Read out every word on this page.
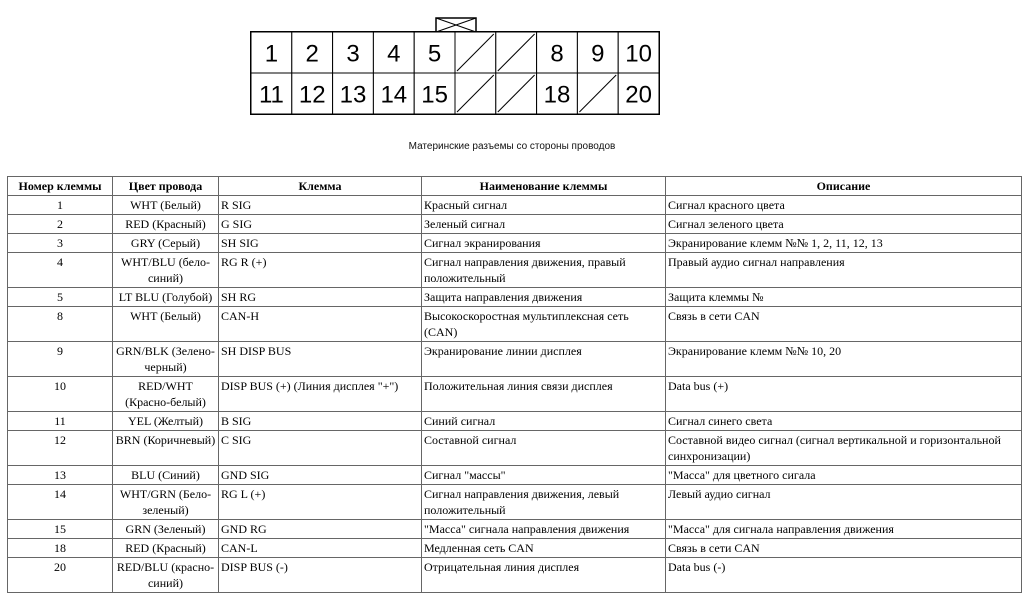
1 2 3 4 5	8 9 10
11 12 13 14 15	18 20
Материнские разъемы со стороны проводов
Номер клеммы	Цвет провода	Клемма	Наименование клеммы	Описание
1	WHT (Белый)	R SIG	Красный сигнал	Сигнал красного цвета
2	RED (Красный)	G SIG	Зеленый сигнал	Сигнал зеленого цвета
3	GRY (Серый)	SH SIG	Сигнал экранирования	Экранирование клемм №№ 1, 2, 11, 12, 13
4	WHT/BLU (бело-синий)	RG R (+)	Сигнал направления движения, правый положительный	Правый аудио сигнал направления
5	LT BLU (Голубой)	SH RG	Защита направления движения	Защита клеммы №
8	WHT (Белый)	CAN-H	Высокоскоростная мультиплексная сеть (CAN)	Связь в сети CAN
9	GRN/BLK (Зелено-черный)	SH DISP BUS	Экранирование линии дисплея	Экранирование клемм №№ 10, 20
10	RED/WHT (Красно-белый)	DISP BUS (+) (Линия дисплея "+")	Положительная линия связи дисплея	Data bus (+)
11	YEL (Желтый)	B SIG	Синий сигнал	Сигнал синего света
12	BRN (Коричневый)	C SIG	Составной сигнал	Составной видео сигнал (сигнал вертикальной и горизонтальной синхронизации)
13	BLU (Синий)	GND SIG	Сигнал "массы"	"Масса" для цветного сигала
14	WHT/GRN (Бело-зеленый)	RG L (+)	Сигнал направления движения, левый положительный	Левый аудио сигнал
15	GRN (Зеленый)	GND RG	"Масса" сигнала направления движения	"Масса" для сигнала направления движения
18	RED (Красный)	CAN-L	Медленная сеть CAN	Связь в сети CAN
20	RED/BLU (красно-синий)	DISP BUS (-)	Отрицательная линия дисплея	Data bus (-)
